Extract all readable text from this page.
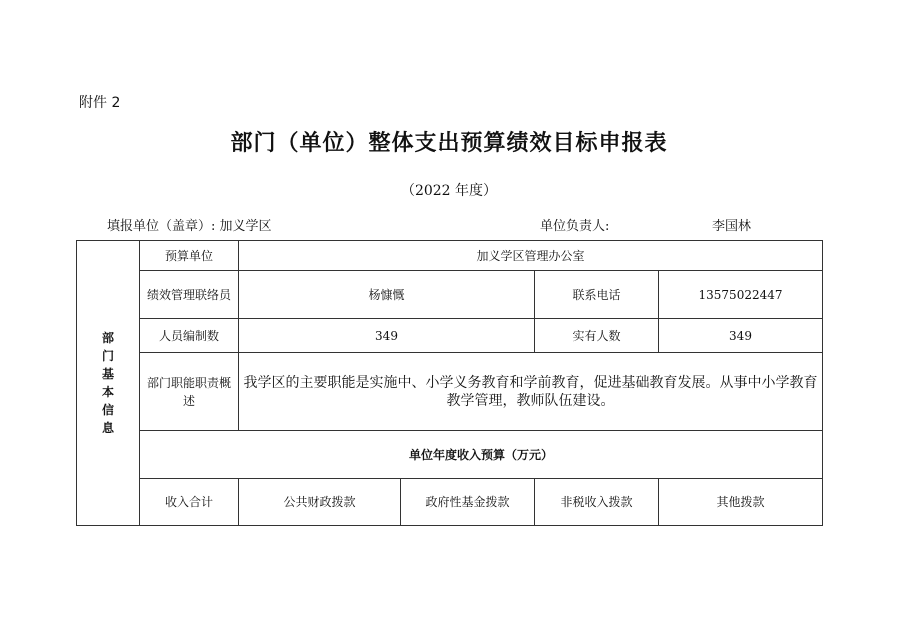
附件 2
部门（单位）整体支出预算绩效目标申报表
（2022 年度）
填报单位（盖章）: 加义学区	单位负责人:	李国林
部门基本信息	预算单位	加义学区管理办公室			
	绩效管理联络员	杨慷慨		联系电话	13575022447
	人员编制数	349		实有人数	349
	部门职能职责概述	我学区的主要职能是实施中、小学义务教育和学前教育，促进基础教育发展。从事中小学教育教学管理，教师队伍建设。			
	单位年度收入预算（万元）				
	收入合计	公共财政拨款	政府性基金拨款	非税收入拨款	其他拨款
